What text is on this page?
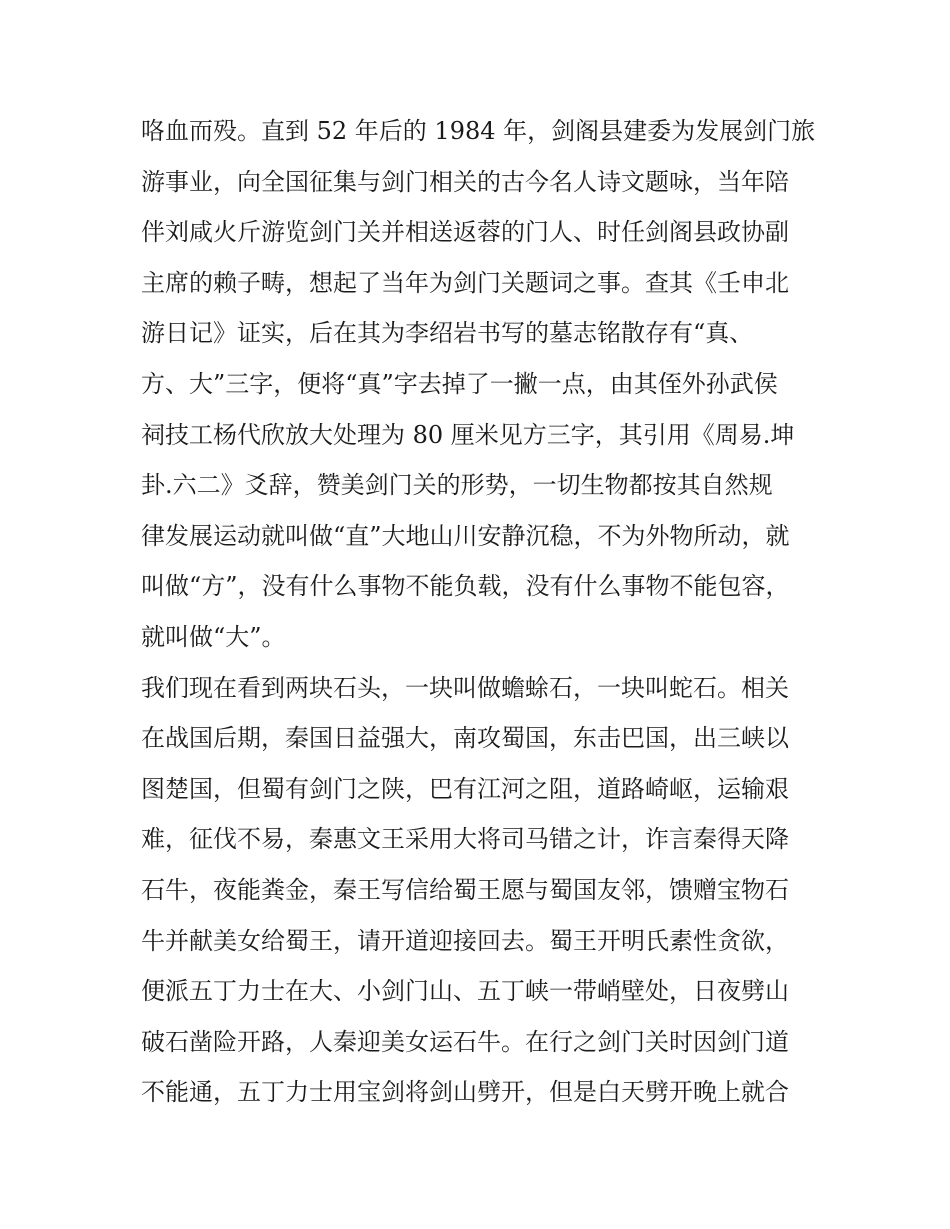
咯血而殁。直到 52 年后的 1984 年，剑阁县建委为发展剑门旅
游事业，向全国征集与剑门相关的古今名人诗文题咏，当年陪
伴刘咸火斤游览剑门关并相送返蓉的门人、时任剑阁县政协副
主席的赖子畴，想起了当年为剑门关题词之事。查其《壬申北
游日记》证实，后在其为李绍岩书写的墓志铭散存有“真、
方、大”三字，便将“真”字去掉了一撇一点，由其侄外孙武侯
祠技工杨代欣放大处理为 80 厘米见方三字，其引用《周易.坤
卦.六二》爻辞，赞美剑门关的形势，一切生物都按其自然规
律发展运动就叫做“直”大地山川安静沉稳，不为外物所动，就
叫做“方”，没有什么事物不能负载，没有什么事物不能包容，
就叫做“大”。
我们现在看到两块石头，一块叫做蟾蜍石，一块叫蛇石。相关
在战国后期，秦国日益强大，南攻蜀国，东击巴国，出三峡以
图楚国，但蜀有剑门之陕，巴有江河之阻，道路崎岖，运输艰
难，征伐不易，秦惠文王采用大将司马错之计，诈言秦得天降
石牛，夜能粪金，秦王写信给蜀王愿与蜀国友邻，馈赠宝物石
牛并献美女给蜀王，请开道迎接回去。蜀王开明氏素性贪欲，
便派五丁力士在大、小剑门山、五丁峡一带峭壁处，日夜劈山
破石凿险开路，人秦迎美女运石牛。在行之剑门关时因剑门道
不能通，五丁力士用宝剑将剑山劈开，但是白天劈开晚上就合
